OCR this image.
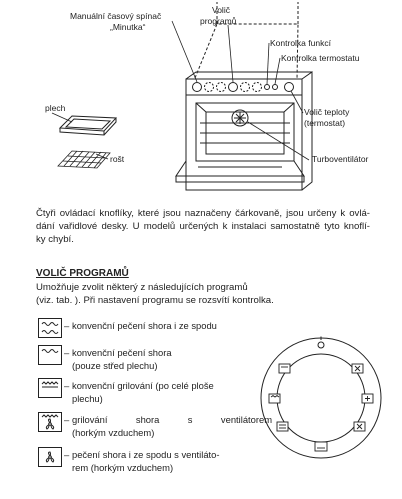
Manuální časový spínač
„Minutka“
Volič
programů
Kontrolka funkcí
Kontrolka termostatu
Volič teploty
(termostat)
Turboventilátor
plech
rošt
Čtyři ovládací knoflíky, které jsou naznačeny čárkovaně, jsou určeny k ovlá-
dání vařidlové desky. U modelů určených k instalaci samostatně tyto knoflí-
ky chybí.
VOLIČ PROGRAMŮ
Umožňuje zvolit některý z následujících programů
(viz. tab. ). Při nastavení programu se rozsvítí kontrolka.
– konvenční pečení shora i ze spodu
– konvenční pečení shora
(pouze střed plechu)
– konvenční grilování (po celé ploše
plechu)
– grilování shora s ventilátorem
(horkým vzduchem)
– pečení shora i ze spodu s ventiláto-
rem (horkým vzduchem)
